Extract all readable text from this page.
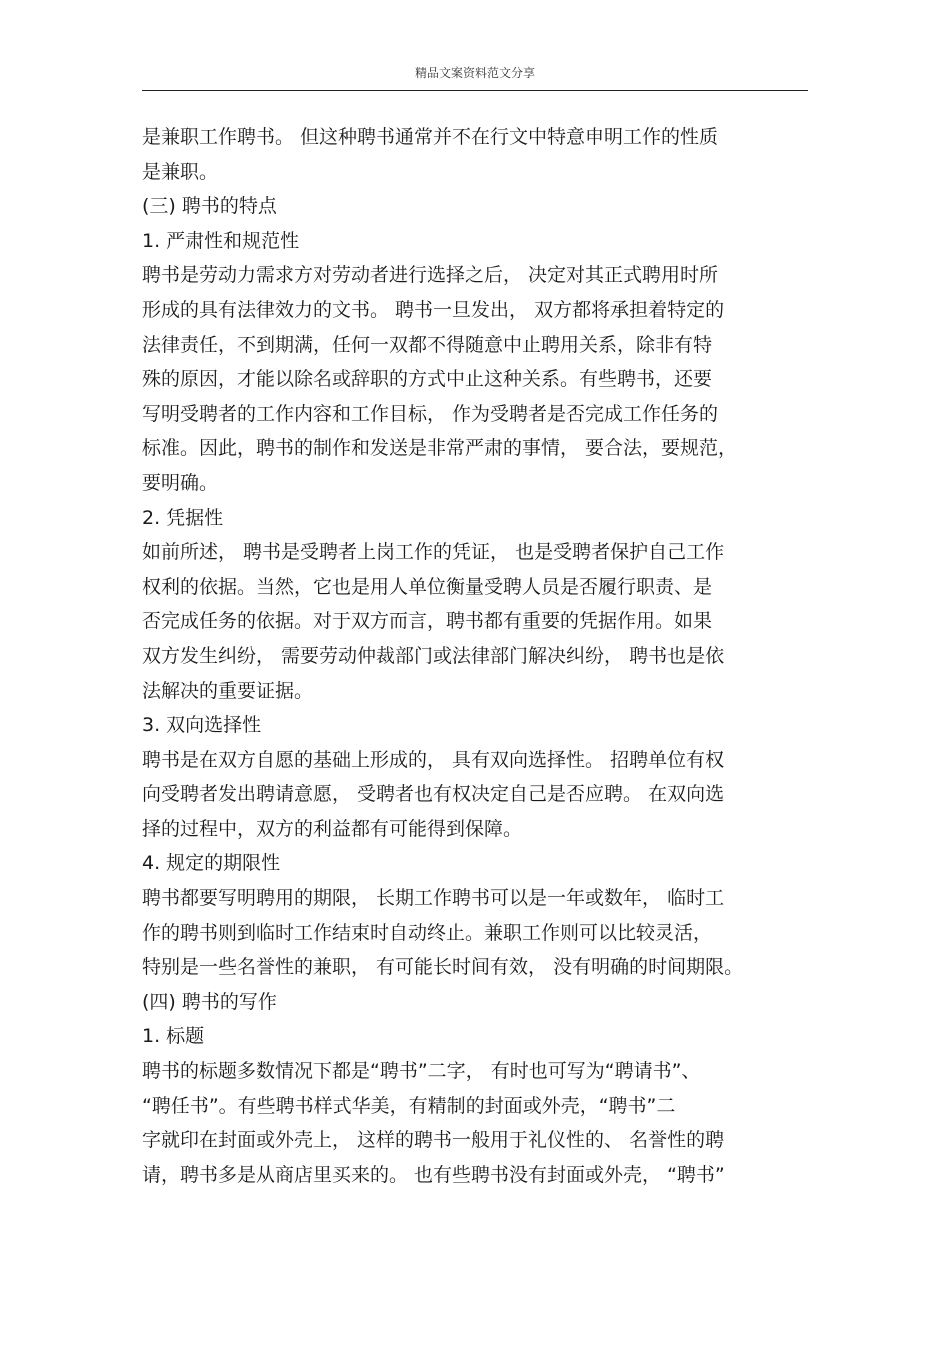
精品文案资料范文分享
是兼职工作聘书。 但这种聘书通常并不在行文中特意申明工作的性质
是兼职。
(三) 聘书的特点
1. 严肃性和规范性
聘书是劳动力需求方对劳动者进行选择之后， 决定对其正式聘用时所
形成的具有法律效力的文书。 聘书一旦发出， 双方都将承担着特定的
法律责任，不到期满，任何一双都不得随意中止聘用关系，除非有特
殊的原因，才能以除名或辞职的方式中止这种关系。有些聘书，还要
写明受聘者的工作内容和工作目标， 作为受聘者是否完成工作任务的
标准。因此，聘书的制作和发送是非常严肃的事情， 要合法，要规范，
要明确。
2. 凭据性
如前所述， 聘书是受聘者上岗工作的凭证， 也是受聘者保护自己工作
权利的依据。当然，它也是用人单位衡量受聘人员是否履行职责、是
否完成任务的依据。对于双方而言，聘书都有重要的凭据作用。如果
双方发生纠纷， 需要劳动仲裁部门或法律部门解决纠纷， 聘书也是依
法解决的重要证据。
3. 双向选择性
聘书是在双方自愿的基础上形成的， 具有双向选择性。 招聘单位有权
向受聘者发出聘请意愿， 受聘者也有权决定自己是否应聘。 在双向选
择的过程中，双方的利益都有可能得到保障。
4. 规定的期限性
聘书都要写明聘用的期限， 长期工作聘书可以是一年或数年， 临时工
作的聘书则到临时工作结束时自动终止。兼职工作则可以比较灵活，
特别是一些名誉性的兼职， 有可能长时间有效， 没有明确的时间期限。
(四) 聘书的写作
1. 标题
聘书的标题多数情况下都是“聘书”二字， 有时也可写为“聘请书”、
“聘任书”。有些聘书样式华美，有精制的封面或外壳，“聘书”二
字就印在封面或外壳上， 这样的聘书一般用于礼仪性的、 名誉性的聘
请，聘书多是从商店里买来的。 也有些聘书没有封面或外壳， “聘书”
